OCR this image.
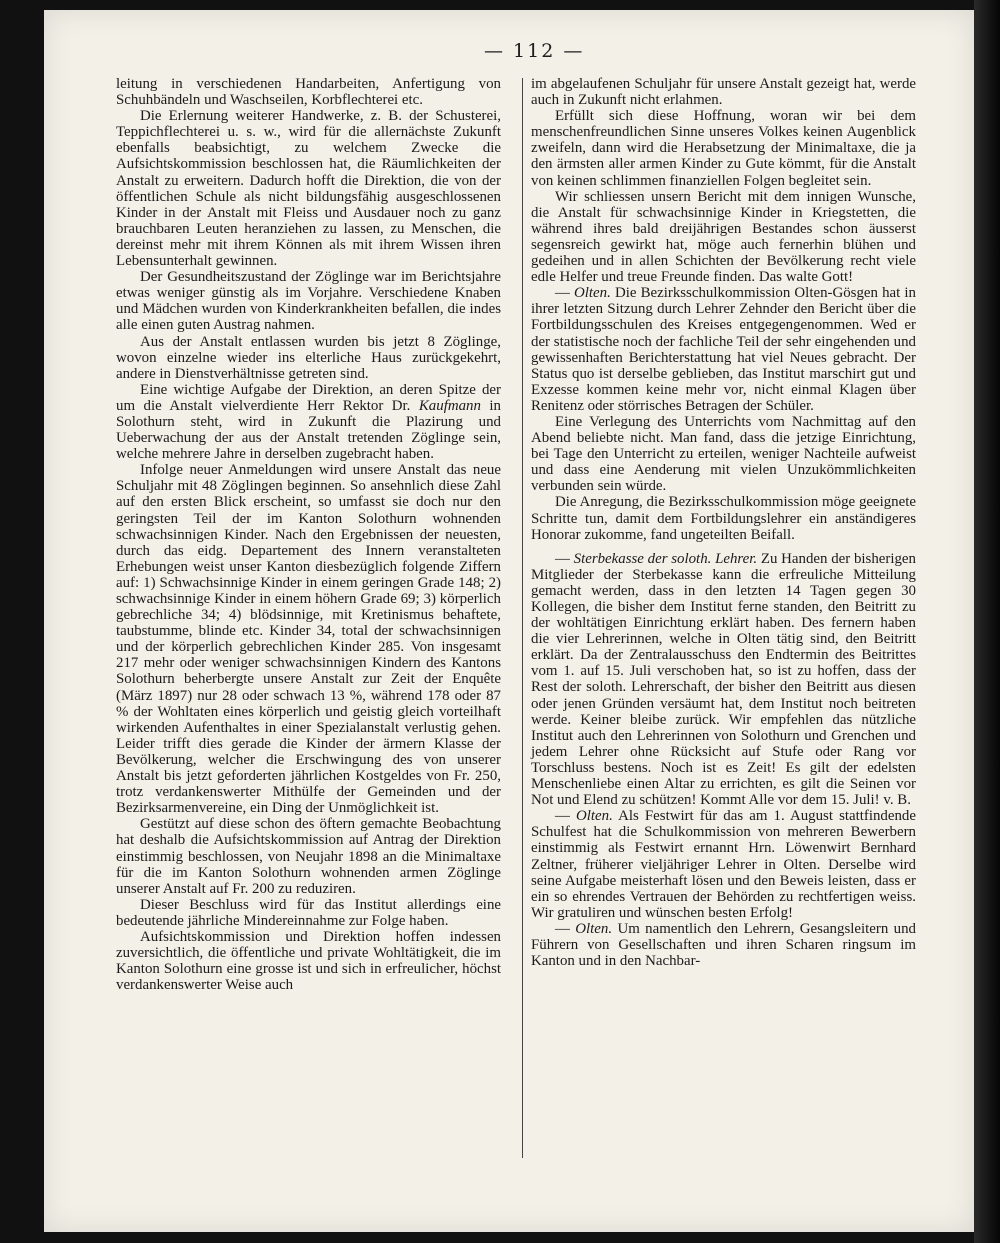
— 112 —

leitung in verschiedenen Handarbeiten, Anfertigung von Schuhbändeln und Waschseilen, Korbflechterei etc.

Die Erlernung weiterer Handwerke, z. B. der Schusterei, Teppichflechterei u. s. w., wird für die allernächste Zukunft ebenfalls beabsichtigt, zu welchem Zwecke die Aufsichtskommission beschlossen hat, die Räumlichkeiten der Anstalt zu erweitern. Dadurch hofft die Direktion, die von der öffentlichen Schule als nicht bildungsfähig ausgeschlossenen Kinder in der Anstalt mit Fleiss und Ausdauer noch zu ganz brauchbaren Leuten heranziehen zu lassen, zu Menschen, die dereinst mehr mit ihrem Können als mit ihrem Wissen ihren Lebensunterhalt gewinnen.

Der Gesundheitszustand der Zöglinge war im Berichtsjahre etwas weniger günstig als im Vorjahre. Verschiedene Knaben und Mädchen wurden von Kinderkrankheiten befallen, die indes alle einen guten Austrag nahmen.

Aus der Anstalt entlassen wurden bis jetzt 8 Zöglinge, wovon einzelne wieder ins elterliche Haus zurückgekehrt, andere in Dienstverhältnisse getreten sind.

Eine wichtige Aufgabe der Direktion, an deren Spitze der um die Anstalt vielverdiente Herr Rektor Dr. Kaufmann in Solothurn steht, wird in Zukunft die Plazirung und Ueberwachung der aus der Anstalt tretenden Zöglinge sein, welche mehrere Jahre in derselben zugebracht haben.

Infolge neuer Anmeldungen wird unsere Anstalt das neue Schuljahr mit 48 Zöglingen beginnen. So ansehnlich diese Zahl auf den ersten Blick erscheint, so umfasst sie doch nur den geringsten Teil der im Kanton Solothurn wohnenden schwachsinnigen Kinder. Nach den Ergebnissen der neuesten, durch das eidg. Departement des Innern veranstalteten Erhebungen weist unser Kanton diesbezüglich folgende Ziffern auf: 1) Schwachsinnige Kinder in einem geringen Grade 148; 2) schwachsinnige Kinder in einem höhern Grade 69; 3) körperlich gebrechliche 34; 4) blödsinnige, mit Kretinismus behaftete, taubstumme, blinde etc. Kinder 34, total der schwachsinnigen und der körperlich gebrechlichen Kinder 285. Von insgesamt 217 mehr oder weniger schwachsinnigen Kindern des Kantons Solothurn beherbergte unsere Anstalt zur Zeit der Enquête (März 1897) nur 28 oder schwach 13 %, während 178 oder 87 % der Wohltaten eines körperlich und geistig gleich vorteilhaft wirkenden Aufenthaltes in einer Spezialanstalt verlustig gehen. Leider trifft dies gerade die Kinder der ärmern Klasse der Bevölkerung, welcher die Erschwingung des von unserer Anstalt bis jetzt geforderten jährlichen Kostgeldes von Fr. 250, trotz verdankenswerter Mithülfe der Gemeinden und der Bezirksarmenvereine, ein Ding der Unmöglichkeit ist.

Gestützt auf diese schon des öftern gemachte Beobachtung hat deshalb die Aufsichtskommission auf Antrag der Direktion einstimmig beschlossen, von Neujahr 1898 an die Minimaltaxe für die im Kanton Solothurn wohnenden armen Zöglinge unserer Anstalt auf Fr. 200 zu reduziren.

Dieser Beschluss wird für das Institut allerdings eine bedeutende jährliche Mindereinnahme zur Folge haben.

Aufsichtskommission und Direktion hoffen indessen zuversichtlich, die öffentliche und private Wohltätigkeit, die im Kanton Solothurn eine grosse ist und sich in erfreulicher, höchst verdankenswerter Weise auch

im abgelaufenen Schuljahr für unsere Anstalt gezeigt hat, werde auch in Zukunft nicht erlahmen.

Erfüllt sich diese Hoffnung, woran wir bei dem menschenfreundlichen Sinne unseres Volkes keinen Augenblick zweifeln, dann wird die Herabsetzung der Minimaltaxe, die ja den ärmsten aller armen Kinder zu Gute kömmt, für die Anstalt von keinen schlimmen finanziellen Folgen begleitet sein.

Wir schliessen unsern Bericht mit dem innigen Wunsche, die Anstalt für schwachsinnige Kinder in Kriegstetten, die während ihres bald dreijährigen Bestandes schon äusserst segensreich gewirkt hat, möge auch fernerhin blühen und gedeihen und in allen Schichten der Bevölkerung recht viele edle Helfer und treue Freunde finden. Das walte Gott!

— Olten. Die Bezirksschulkommission Olten-Gösgen hat in ihrer letzten Sitzung durch Lehrer Zehnder den Bericht über die Fortbildungsschulen des Kreises entgegengenommen. Wed er der statistische noch der fachliche Teil der sehr eingehenden und gewissenhaften Berichterstattung hat viel Neues gebracht. Der Status quo ist derselbe geblieben, das Institut marschirt gut und Exzesse kommen keine mehr vor, nicht einmal Klagen über Renitenz oder störrisches Betragen der Schüler.

Eine Verlegung des Unterrichts vom Nachmittag auf den Abend beliebte nicht. Man fand, dass die jetzige Einrichtung, bei Tage den Unterricht zu erteilen, weniger Nachteile aufweist und dass eine Aenderung mit vielen Unzukömmlichkeiten verbunden sein würde.

Die Anregung, die Bezirksschulkommission möge geeignete Schritte tun, damit dem Fortbildungslehrer ein anständigeres Honorar zukomme, fand ungeteilten Beifall.

— Sterbekasse der soloth. Lehrer. Zu Handen der bisherigen Mitglieder der Sterbekasse kann die erfreuliche Mitteilung gemacht werden, dass in den letzten 14 Tagen gegen 30 Kollegen, die bisher dem Institut ferne standen, den Beitritt zu der wohltätigen Einrichtung erklärt haben. Des fernern haben die vier Lehrerinnen, welche in Olten tätig sind, den Beitritt erklärt. Da der Zentralausschuss den Endtermin des Beitrittes vom 1. auf 15. Juli verschoben hat, so ist zu hoffen, dass der Rest der soloth. Lehrerschaft, der bisher den Beitritt aus diesen oder jenen Gründen versäumt hat, dem Institut noch beitreten werde. Keiner bleibe zurück. Wir empfehlen das nützliche Institut auch den Lehrerinnen von Solothurn und Grenchen und jedem Lehrer ohne Rücksicht auf Stufe oder Rang vor Torschluss bestens. Noch ist es Zeit! Es gilt der edelsten Menschenliebe einen Altar zu errichten, es gilt die Seinen vor Not und Elend zu schützen! Kommt Alle vor dem 15. Juli! v. B.

— Olten. Als Festwirt für das am 1. August stattfindende Schulfest hat die Schulkommission von mehreren Bewerbern einstimmig als Festwirt ernannt Hrn. Löwenwirt Bernhard Zeltner, früherer vieljähriger Lehrer in Olten. Derselbe wird seine Aufgabe meisterhaft lösen und den Beweis leisten, dass er ein so ehrendes Vertrauen der Behörden zu rechtfertigen weiss. Wir gratuliren und wünschen besten Erfolg!

— Olten. Um namentlich den Lehrern, Gesangsleitern und Führern von Gesellschaften und ihren Scharen ringsum im Kanton und in den Nachbar-
